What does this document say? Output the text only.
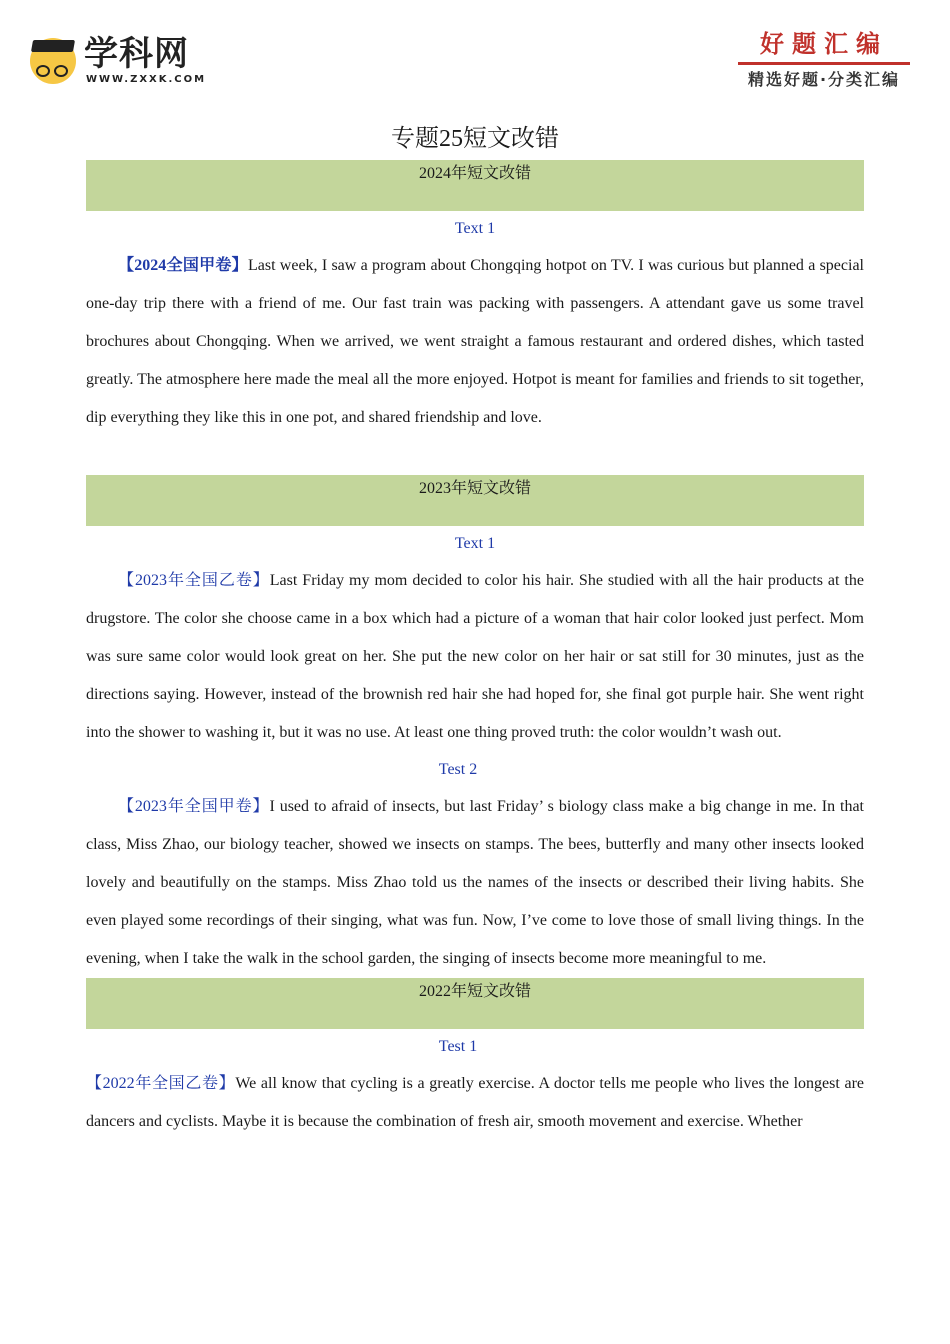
学科网
WWW.ZXXK.COM
好题汇编
精选好题·分类汇编
专题25短文改错
2024年短文改错
Text 1

【2024全国甲卷】Last week, I saw a program about Chongqing hotpot on TV. I was curious but planned a special one-day trip there with a friend of me. Our fast train was packing with passengers. A attendant gave us some travel brochures about Chongqing. When we arrived, we went straight a famous restaurant and ordered dishes, which tasted greatly. The atmosphere here made the meal all the more enjoyed. Hotpot is meant for families and friends to sit together, dip everything they like this in one pot, and shared friendship and love.

2023年短文改错
Text 1

【2023年全国乙卷】Last Friday my mom decided to color his hair. She studied with all the hair products at the drugstore. The color she choose came in a box which had a picture of a woman that hair color looked just perfect. Mom was sure same color would look great on her. She put the new color on her hair or sat still for 30 minutes, just as the directions saying. However, instead of the brownish red hair she had hoped for, she final got purple hair. She went right into the shower to washing it, but it was no use. At least one thing proved truth: the color wouldn’t wash out.

Test 2

【2023年全国甲卷】I used to afraid of insects, but last Friday’ s biology class make a big change in me. In that class, Miss Zhao, our biology teacher, showed we insects on stamps. The bees, butterfly and many other insects looked lovely and beautifully on the stamps. Miss Zhao told us the names of the insects or described their living habits. She even played some recordings of their singing, what was fun. Now, I’ve come to love those of small living things. In the evening, when I take the walk in the school garden, the singing of insects become more meaningful to me.

2022年短文改错
Test 1

【2022年全国乙卷】We all know that cycling is a greatly exercise. A doctor tells me people who lives the longest are dancers and cyclists. Maybe it is because the combination of fresh air, smooth movement and exercise. Whether
